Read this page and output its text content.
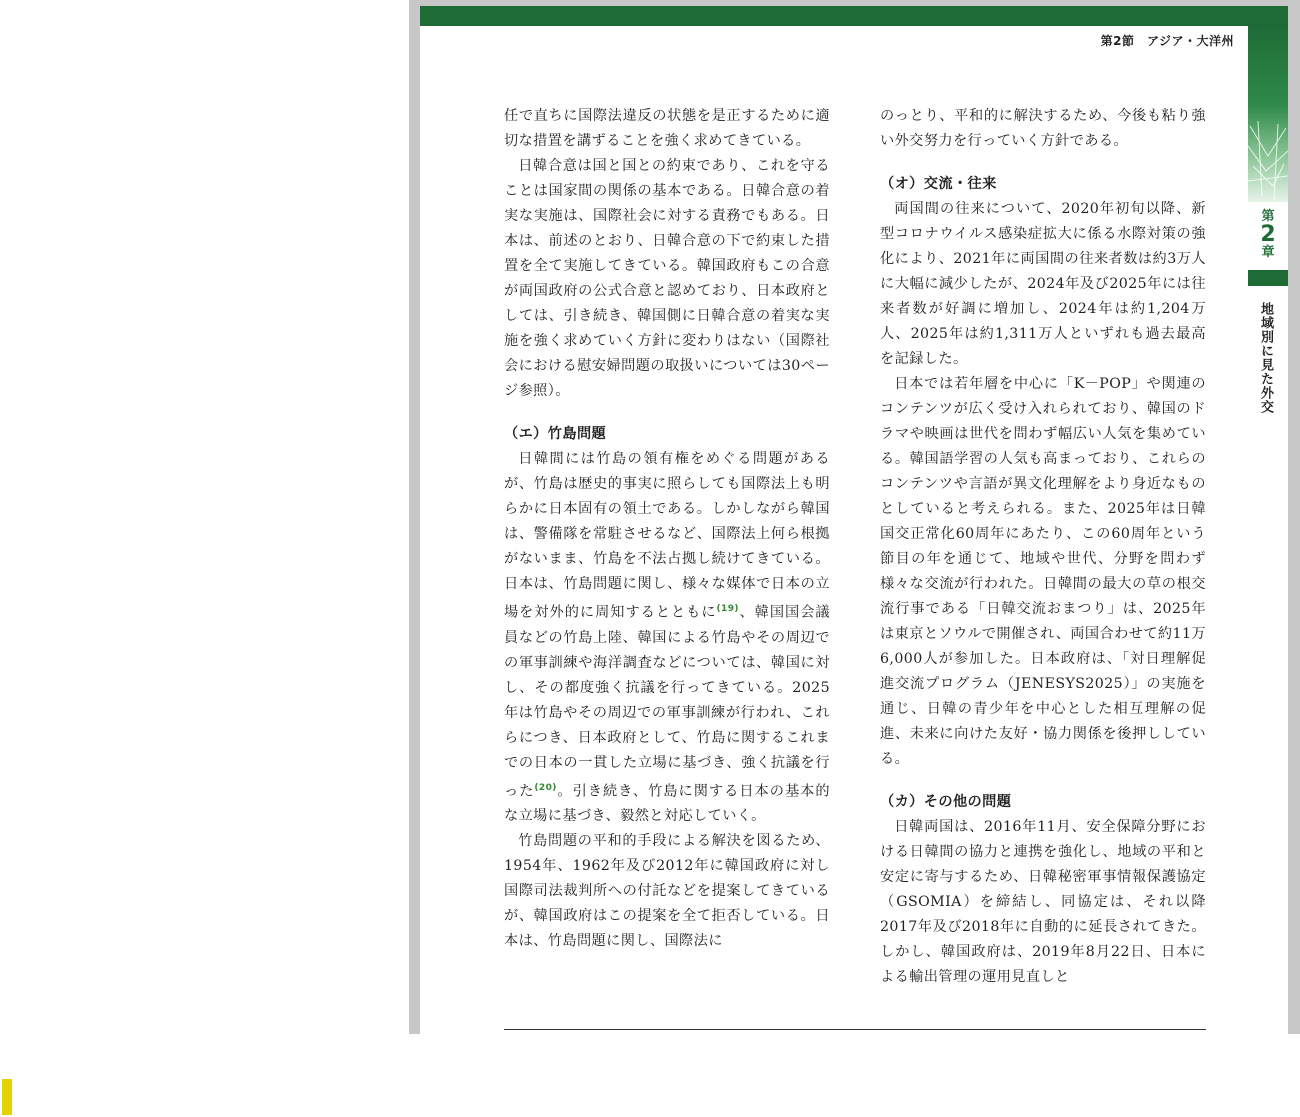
第2節　アジア・大洋州
第
2
章
地域別に見た外交

任で直ちに国際法違反の状態を是正するために適切な措置を講ずることを強く求めてきている。

日韓合意は国と国との約束であり、これを守ることは国家間の関係の基本である。日韓合意の着実な実施は、国際社会に対する責務でもある。日本は、前述のとおり、日韓合意の下で約束した措置を全て実施してきている。韓国政府もこの合意が両国政府の公式合意と認めており、日本政府としては、引き続き、韓国側に日韓合意の着実な実施を強く求めていく方針に変わりはない（国際社会における慰安婦問題の取扱いについては30ページ参照）。

（エ）竹島問題

日韓間には竹島の領有権をめぐる問題があるが、竹島は歴史的事実に照らしても国際法上も明らかに日本固有の領土である。しかしながら韓国は、警備隊を常駐させるなど、国際法上何ら根拠がないまま、竹島を不法占拠し続けてきている。日本は、竹島問題に関し、様々な媒体で日本の立場を対外的に周知するとともに$^{(19)}$、韓国国会議員などの竹島上陸、韓国による竹島やその周辺での軍事訓練や海洋調査などについては、韓国に対し、その都度強く抗議を行ってきている。2025年は竹島やその周辺での軍事訓練が行われ、これらにつき、日本政府として、竹島に関するこれまでの日本の一貫した立場に基づき、強く抗議を行った$^{(20)}$。引き続き、竹島に関する日本の基本的な立場に基づき、毅然と対応していく。

竹島問題の平和的手段による解決を図るため、1954年、1962年及び2012年に韓国政府に対し国際司法裁判所への付託などを提案してきているが、韓国政府はこの提案を全て拒否している。日本は、竹島問題に関し、国際法に

のっとり、平和的に解決するため、今後も粘り強い外交努力を行っていく方針である。

（オ）交流・往来

両国間の往来について、2020年初旬以降、新型コロナウイルス感染症拡大に係る水際対策の強化により、2021年に両国間の往来者数は約3万人に大幅に減少したが、2024年及び2025年には往来者数が好調に増加し、2024年は約1,204万人、2025年は約1,311万人といずれも過去最高を記録した。

日本では若年層を中心に「K－POP」や関連のコンテンツが広く受け入れられており、韓国のドラマや映画は世代を問わず幅広い人気を集めている。韓国語学習の人気も高まっており、これらのコンテンツや言語が異文化理解をより身近なものとしていると考えられる。また、2025年は日韓国交正常化60周年にあたり、この60周年という節目の年を通じて、地域や世代、分野を問わず様々な交流が行われた。日韓間の最大の草の根交流行事である「日韓交流おまつり」は、2025年は東京とソウルで開催され、両国合わせて約11万6,000人が参加した。日本政府は、「対日理解促進交流プログラム（JENESYS2025）」の実施を通じ、日韓の青少年を中心とした相互理解の促進、未来に向けた友好・協力関係を後押ししている。

（カ）その他の問題

日韓両国は、2016年11月、安全保障分野における日韓間の協力と連携を強化し、地域の平和と安定に寄与するため、日韓秘密軍事情報保護協定（GSOMIA）を締結し、同協定は、それ以降2017年及び2018年に自動的に延長されてきた。しかし、韓国政府は、2019年8月22日、日本による輸出管理の運用見直しと
